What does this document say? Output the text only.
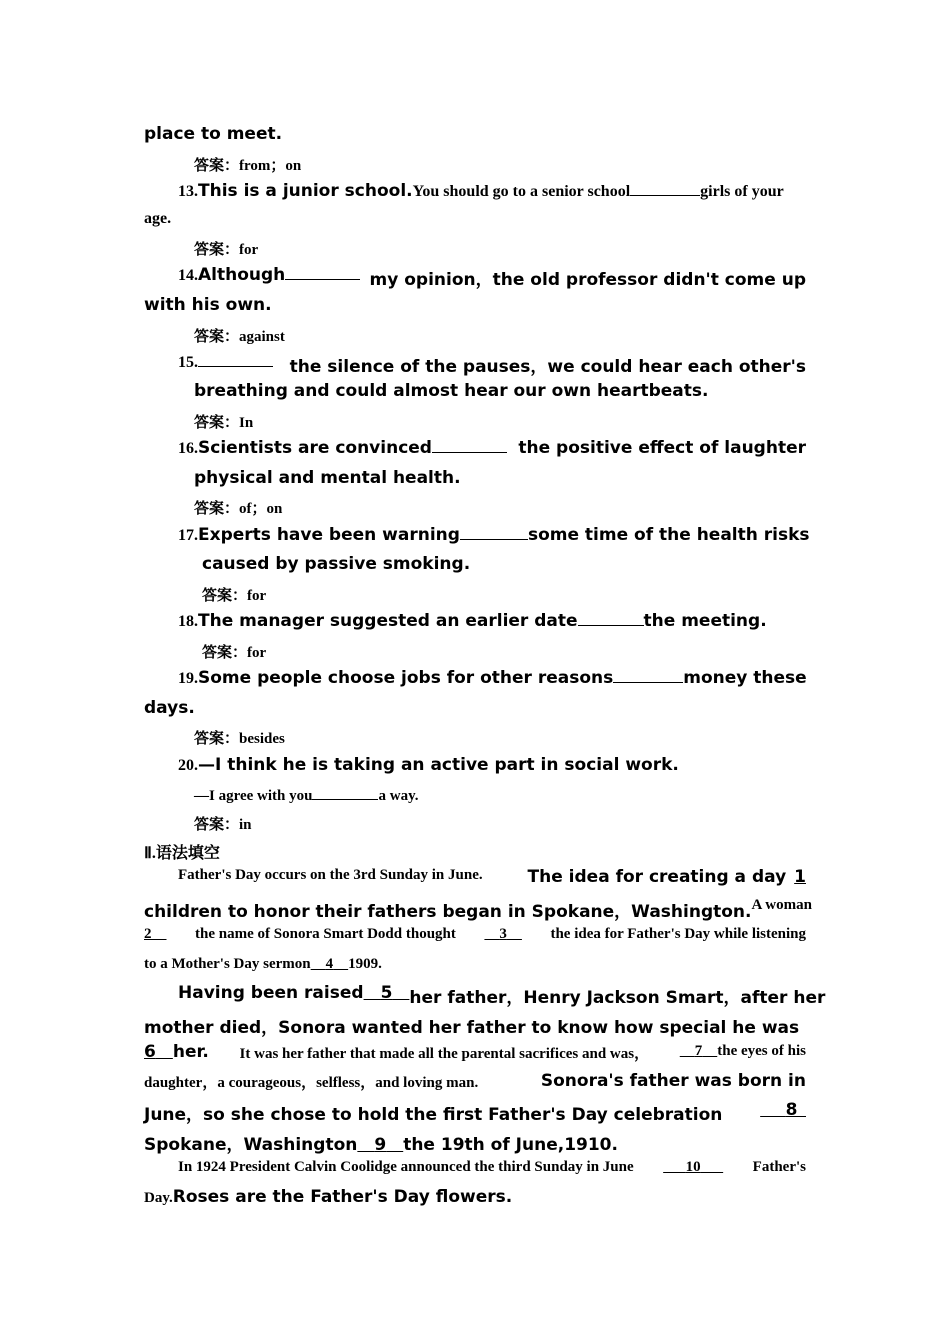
place to meet.
答案：from；on
13.This is a junior school.You should go to a senior school	girls of your
age.
答案：for
14.Although	my opinion，the old professor didn't come up
with his own.
答案：against
15.	the silence of the pauses，we could hear each other's
breathing and could almost hear our own heartbeats.
答案：In
16.Scientists are convinced	the positive effect of laughter
physical and mental health.
答案：of；on
17.Experts have been warning	some time of the health risks
caused by passive smoking.
答案：for
18.The manager suggested an earlier date	the meeting.
答案：for
19.Some people choose jobs for other reasons	money these
days.
答案：besides
20.—I think he is taking an active part in social work.
—I agree with you	a way.
答案：in
Ⅱ.语法填空
Father's Day occurs on the 3rd Sunday in June.	The idea for creating a day 1
children to honor their fathers began in Spokane，Washington. A woman
2 	the name of Sonora Smart Dodd thought
  	3  	the idea for Father's Day while listening
to a Mother's Day sermon   4   1909.
Having been raised   5  	her father，Henry Jackson Smart，after her
mother died，Sonora wanted her father to know how special he was
6   her. It was her father that made all the parental sacrifices and was，
  	7   the eyes of his
daughter，a courageous，selfless，and loving man.	Sonora's father was born in
June，so she chose to hold the first Father's Day celebration
   	8 
Spokane，Washington   9   the 19th of June,1910.
In 1924 President Calvin Coolidge announced the third Sunday in June
   	10   	Father's
Day.Roses are the Father's Day flowers.
